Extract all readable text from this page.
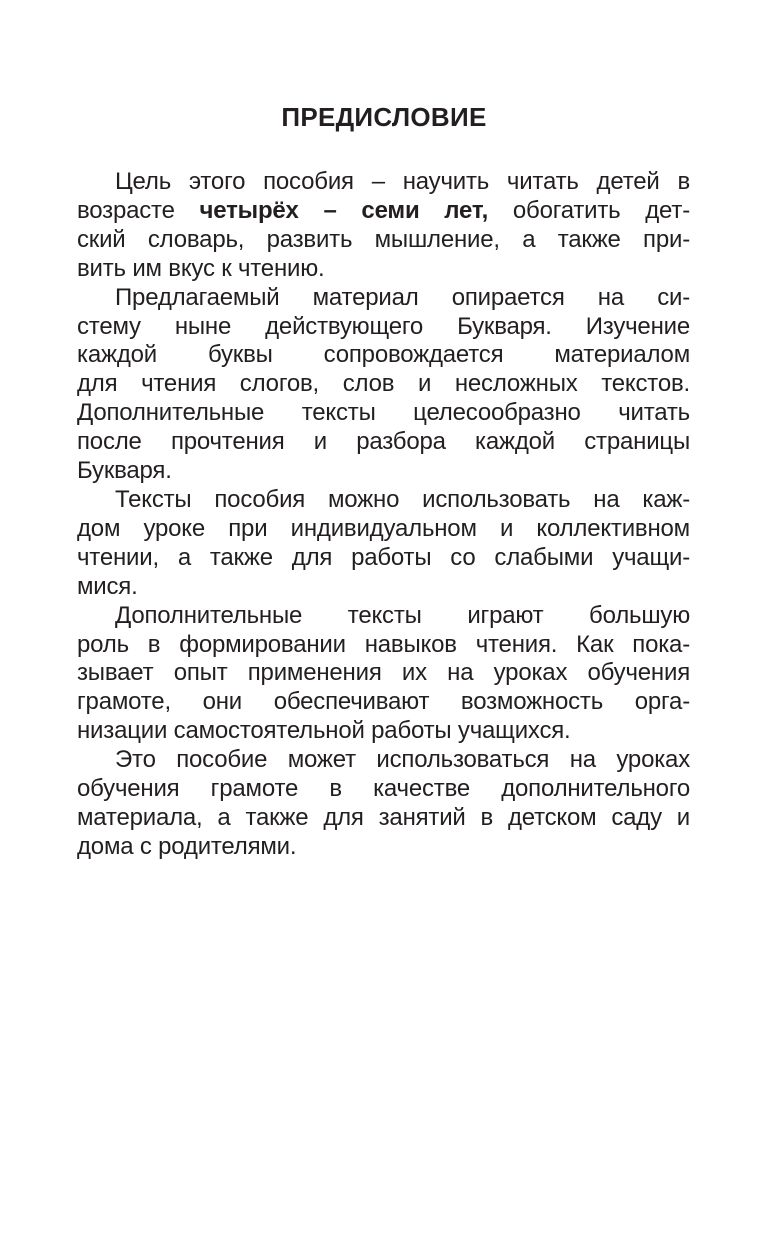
ПРЕДИСЛОВИЕ
Цель этого пособия – научить читать детей в
возрасте четырёх – семи лет, обогатить дет-
ский словарь, развить мышление, а также при-
вить им вкус к чтению.
Предлагаемый материал опирается на си-
стему ныне действующего Букваря. Изучение
каждой буквы сопровождается материалом
для чтения слогов, слов и несложных текстов.
Дополнительные тексты целесообразно читать
после прочтения и разбора каждой страницы
Букваря.
Тексты пособия можно использовать на каж-
дом уроке при индивидуальном и коллективном
чтении, а также для работы со слабыми учащи-
мися.
Дополнительные тексты играют большую
роль в формировании навыков чтения. Как пока-
зывает опыт применения их на уроках обучения
грамоте, они обеспечивают возможность орга-
низации самостоятельной работы учащихся.
Это пособие может использоваться на уроках
обучения грамоте в качестве дополнительного
материала, а также для занятий в детском саду и
дома с родителями.
